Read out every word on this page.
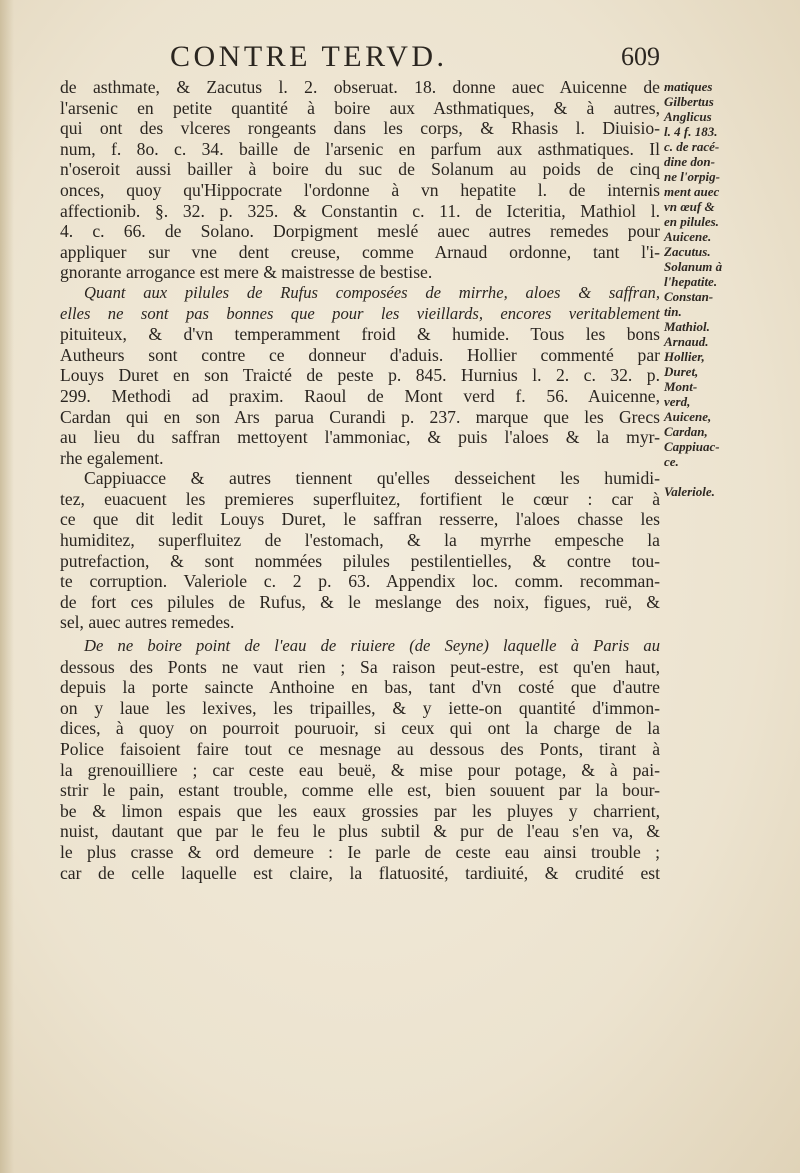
CONTRE TERVD.	609
de asthmate, & Zacutus l. 2. obseruat. 18. donne auec Auicenne de
l'arsenic en petite quantité à boire aux Asthmatiques, & à autres,
qui ont des vlceres rongeants dans les corps, & Rhasis l. Diuisio-
num, f. 8o. c. 34. baille de l'arsenic en parfum aux asthmatiques. Il
n'oseroit aussi bailler à boire du suc de Solanum au poids de cinq
onces, quoy qu'Hippocrate l'ordonne à vn hepatite l. de internis
affectionib. §. 32. p. 325. & Constantin c. 11. de Icteritia, Mathiol l.
4. c. 66. de Solano. Dorpigment meslé auec autres remedes pour
appliquer sur vne dent creuse, comme Arnaud ordonne, tant l'i-
gnorante arrogance est mere & maistresse de bestise.
Quant aux pilules de Rufus composées de mirrhe, aloes & saffran,
elles ne sont pas bonnes que pour les vieillards, encores veritablement
pituiteux, & d'vn temperamment froid & humide. Tous les bons
Autheurs sont contre ce donneur d'aduis. Hollier commenté par
Louys Duret en son Traicté de peste p. 845. Hurnius l. 2. c. 32. p.
299. Methodi ad praxim. Raoul de Mont verd f. 56. Auicenne,
Cardan qui en son Ars parua Curandi p. 237. marque que les Grecs
au lieu du saffran mettoyent l'ammoniac, & puis l'aloes & la myr-
rhe egalement.
Cappiuacce & autres tiennent qu'elles desseichent les humidi-
tez, euacuent les premieres superfluitez, fortifient le cœur : car à
ce que dit ledit Louys Duret, le saffran resserre, l'aloes chasse les
humiditez, superfluitez de l'estomach, & la myrrhe empesche la
putrefaction, & sont nommées pilules pestilentielles, & contre tou-
te corruption. Valeriole c. 2 p. 63. Appendix loc. comm. recomman-
de fort ces pilules de Rufus, & le meslange des noix, figues, ruë, &
sel, auec autres remedes.
De ne boire point de l'eau de riuiere (de Seyne) laquelle à Paris au
dessous des Ponts ne vaut rien ; Sa raison peut-estre, est qu'en haut,
depuis la porte saincte Anthoine en bas, tant d'vn costé que d'autre
on y laue les lexives, les tripailles, & y iette-on quantité d'immon-
dices, à quoy on pourroit pouruoir, si ceux qui ont la charge de la
Police faisoient faire tout ce mesnage au dessous des Ponts, tirant à
la grenouilliere ; car ceste eau beuë, & mise pour potage, & à pai-
strir le pain, estant trouble, comme elle est, bien souuent par la bour-
be & limon espais que les eaux grossies par les pluyes y charrient,
nuist, dautant que par le feu le plus subtil & pur de l'eau s'en va, &
le plus crasse & ord demeure : Ie parle de ceste eau ainsi trouble ;
car de celle laquelle est claire, la flatuosité, tardiuité, & crudité est
matiques
Gilbertus
Anglicus
l. 4 f. 183.
c. de racé-
dine don-
ne l'orpig-
ment auec
vn œuf &
en pilules.
Auicene.
Zacutus.
Solanum à
l'hepatite.
Constan-
tin.
Mathiol.
Arnaud.
Hollier,
Duret,
Mont-
verd,
Auicene,
Cardan,
Cappiuac-
ce.

Valeriole.
